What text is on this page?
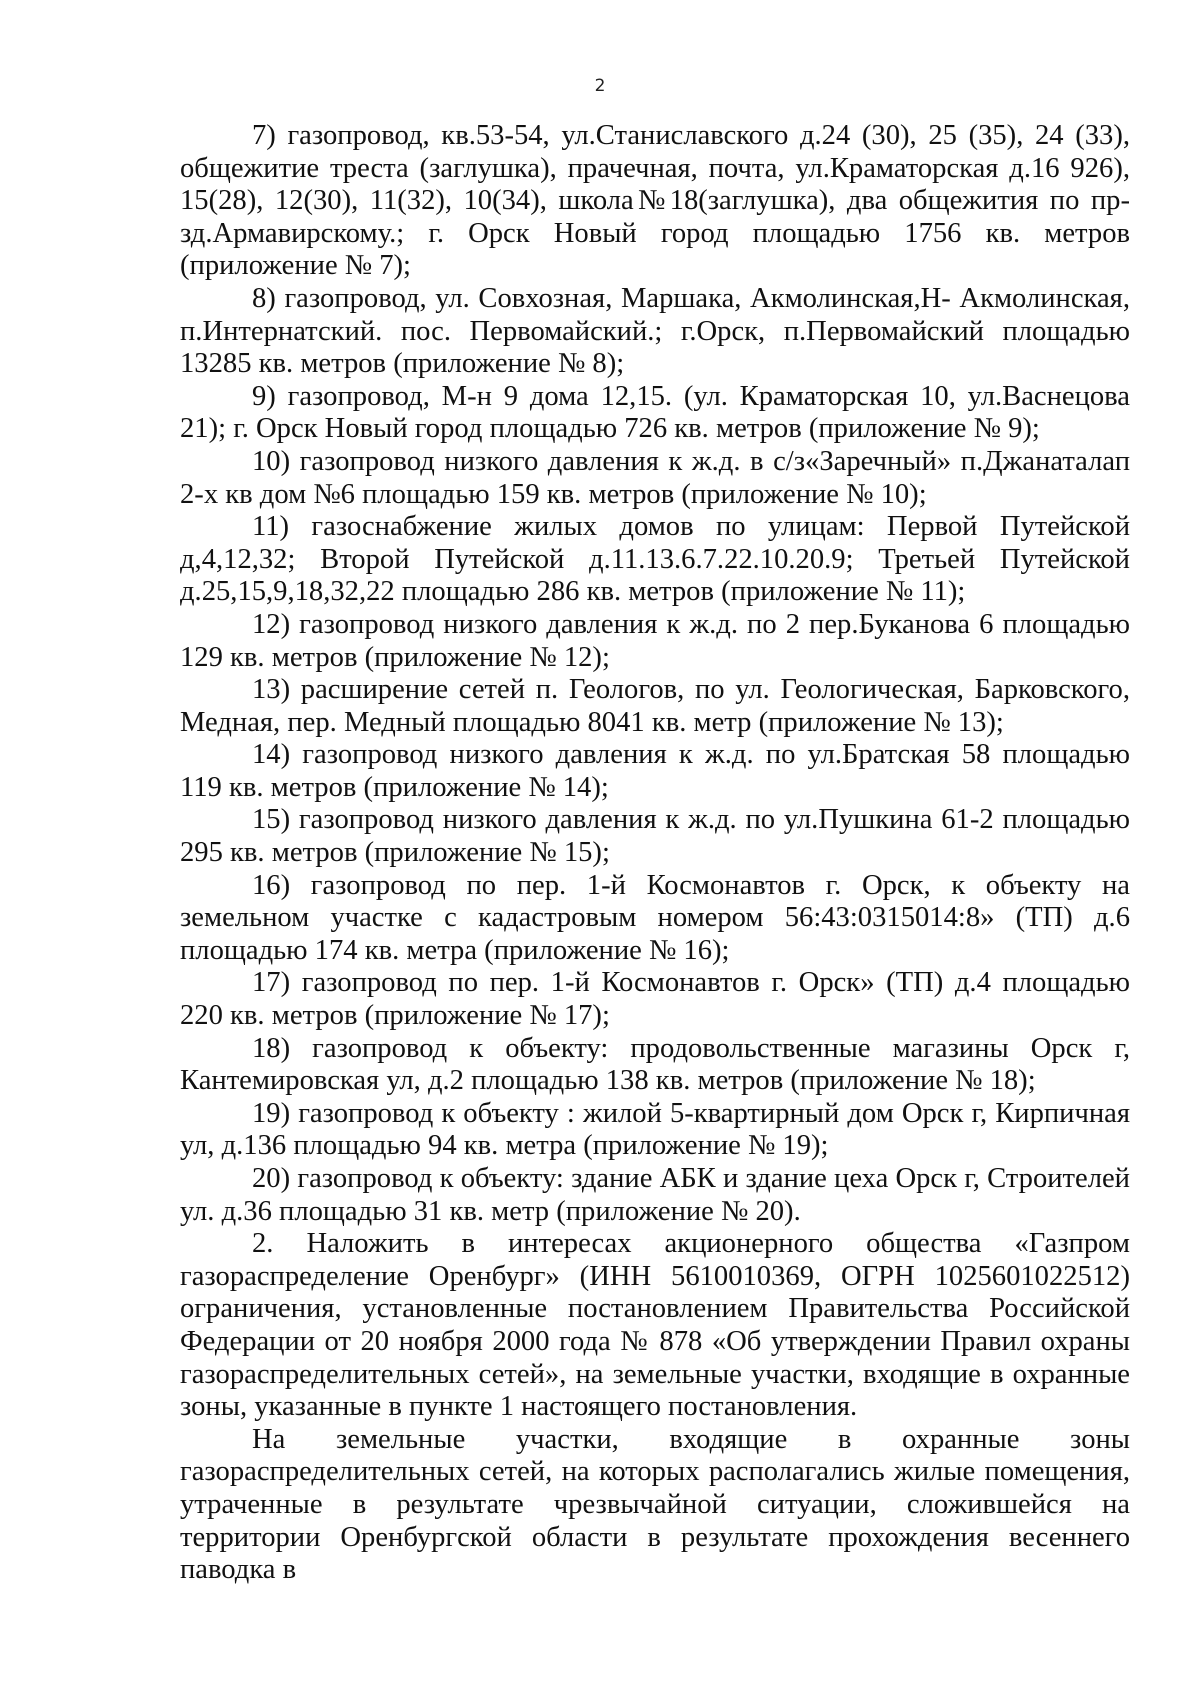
2

7) газопровод, кв.53-54, ул.Станиславского д.24 (30), 25 (35), 24 (33), общежитие треста (заглушка), прачечная, почта, ул.Краматорская д.16 926), 15(28), 12(30), 11(32), 10(34), школа№18(заглушка), два общежития по пр-зд.Армавирскому.; г. Орск Новый город площадью 1756 кв. метров (приложение № 7);

8) газопровод, ул. Совхозная, Маршака, Акмолинская,Н- Акмолинская, п.Интернатский. пос. Первомайский.; г.Орск, п.Первомайский площадью 13285 кв. метров (приложение № 8);

9) газопровод, М-н 9 дома 12,15. (ул. Краматорская 10, ул.Васнецова 21); г. Орск Новый город площадью 726 кв. метров (приложение № 9);

10) газопровод низкого давления к ж.д. в с/з«Заречный» п.Джанаталап 2-х кв дом №6 площадью 159 кв. метров (приложение № 10);

11) газоснабжение жилых домов по улицам: Первой Путейской д,4,12,32; Второй Путейской д.11.13.6.7.22.10.20.9; Третьей Путейской д.25,15,9,18,32,22 площадью 286 кв. метров (приложение № 11);

12) газопровод низкого давления к ж.д. по 2 пер.Буканова 6 площадью 129 кв. метров (приложение № 12);

13) расширение сетей п. Геологов, по ул. Геологическая, Барковского, Медная, пер. Медный площадью 8041 кв. метр (приложение № 13);

14) газопровод низкого давления к ж.д. по ул.Братская 58 площадью 119 кв. метров (приложение № 14);

15) газопровод низкого давления к ж.д. по ул.Пушкина 61-2 площадью 295 кв. метров (приложение № 15);

16) газопровод по пер. 1-й Космонавтов г. Орск, к объекту на земельном участке с кадастровым номером 56:43:0315014:8» (ТП) д.6 площадью 174 кв. метра (приложение № 16);

17) газопровод по пер. 1-й Космонавтов г. Орск» (ТП) д.4 площадью 220 кв. метров (приложение № 17);

18) газопровод к объекту: продовольственные магазины Орск г, Кантемировская ул, д.2 площадью 138 кв. метров (приложение № 18);

19) газопровод к объекту : жилой 5-квартирный дом Орск г, Кирпичная ул, д.136 площадью 94 кв. метра (приложение № 19);

20) газопровод к объекту: здание АБК и здание цеха Орск г, Строителей ул. д.36 площадью 31 кв. метр (приложение № 20).

2. Наложить в интересах акционерного общества «Газпром газораспределение Оренбург» (ИНН 5610010369, ОГРН 1025601022512) ограничения, установленные постановлением Правительства Российской Федерации от 20 ноября 2000 года № 878 «Об утверждении Правил охраны газораспределительных сетей», на земельные участки, входящие в охранные зоны, указанные в пункте 1 настоящего постановления.

На земельные участки, входящие в охранные зоны газораспределительных сетей, на которых располагались жилые помещения, утраченные в результате чрезвычайной ситуации, сложившейся на территории Оренбургской области в результате прохождения весеннего паводка в
